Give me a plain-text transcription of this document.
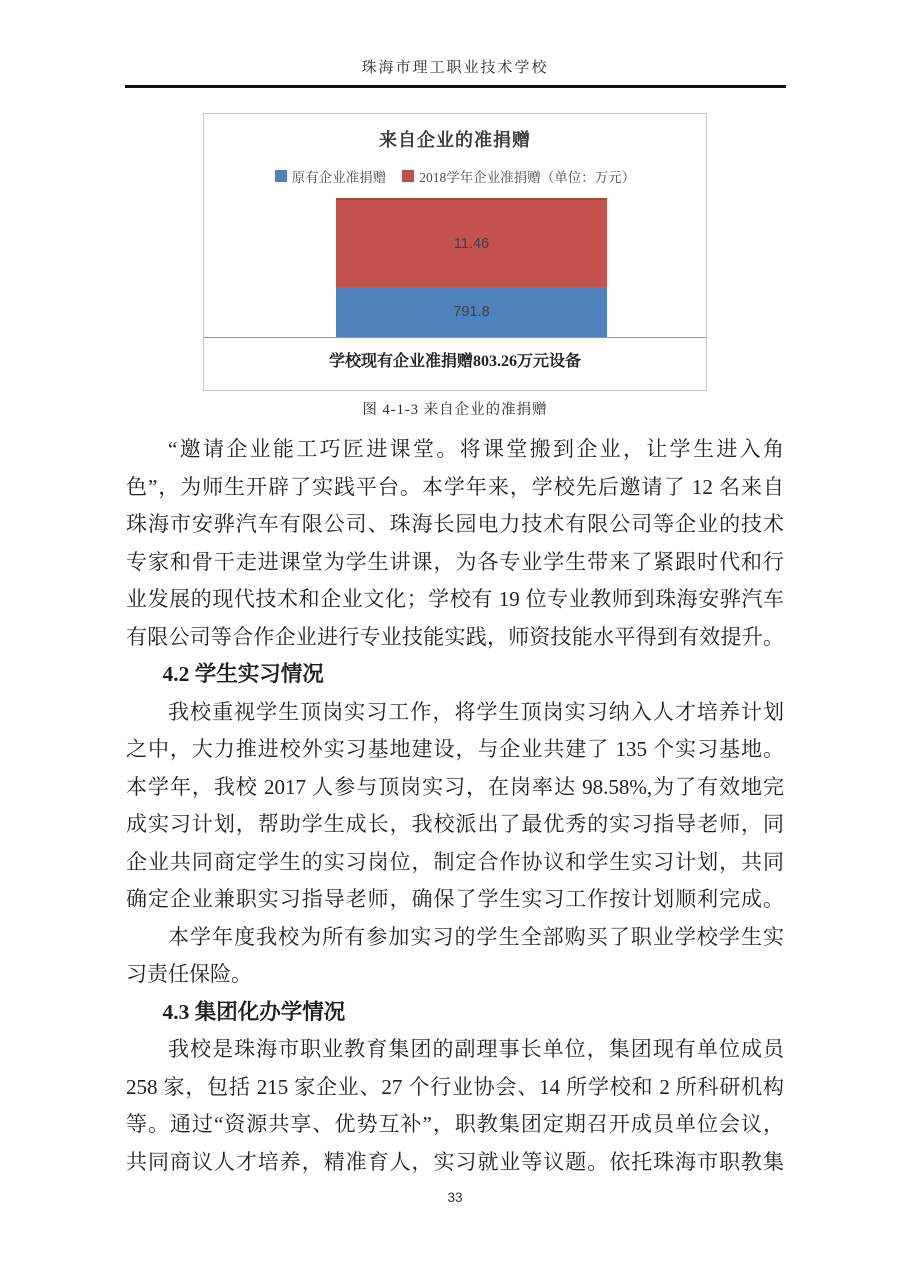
珠海市理工职业技术学校
来自企业的准捐赠
原有企业准捐赠 2018学年企业准捐赠（单位：万元）
11.46
791.8
学校现有企业准捐赠803.26万元设备
图 4-1-3 来自企业的准捐赠
“邀请企业能工巧匠进课堂。将课堂搬到企业，让学生进入角
色”，为师生开辟了实践平台。本学年来，学校先后邀请了 12 名来自
珠海市安骅汽车有限公司、珠海长园电力技术有限公司等企业的技术
专家和骨干走进课堂为学生讲课，为各专业学生带来了紧跟时代和行
业发展的现代技术和企业文化；学校有 19 位专业教师到珠海安骅汽车
有限公司等合作企业进行专业技能实践，师资技能水平得到有效提升。
4.2 学生实习情况
我校重视学生顶岗实习工作，将学生顶岗实习纳入人才培养计划
之中，大力推进校外实习基地建设，与企业共建了 135 个实习基地。
本学年，我校 2017 人参与顶岗实习，在岗率达 98.58%,为了有效地完
成实习计划，帮助学生成长，我校派出了最优秀的实习指导老师，同
企业共同商定学生的实习岗位，制定合作协议和学生实习计划，共同
确定企业兼职实习指导老师，确保了学生实习工作按计划顺利完成。
本学年度我校为所有参加实习的学生全部购买了职业学校学生实
习责任保险。
4.3 集团化办学情况
我校是珠海市职业教育集团的副理事长单位，集团现有单位成员
258 家，包括 215 家企业、27 个行业协会、14 所学校和 2 所科研机构
等。通过“资源共享、优势互补”，职教集团定期召开成员单位会议，
共同商议人才培养，精准育人，实习就业等议题。依托珠海市职教集
33
